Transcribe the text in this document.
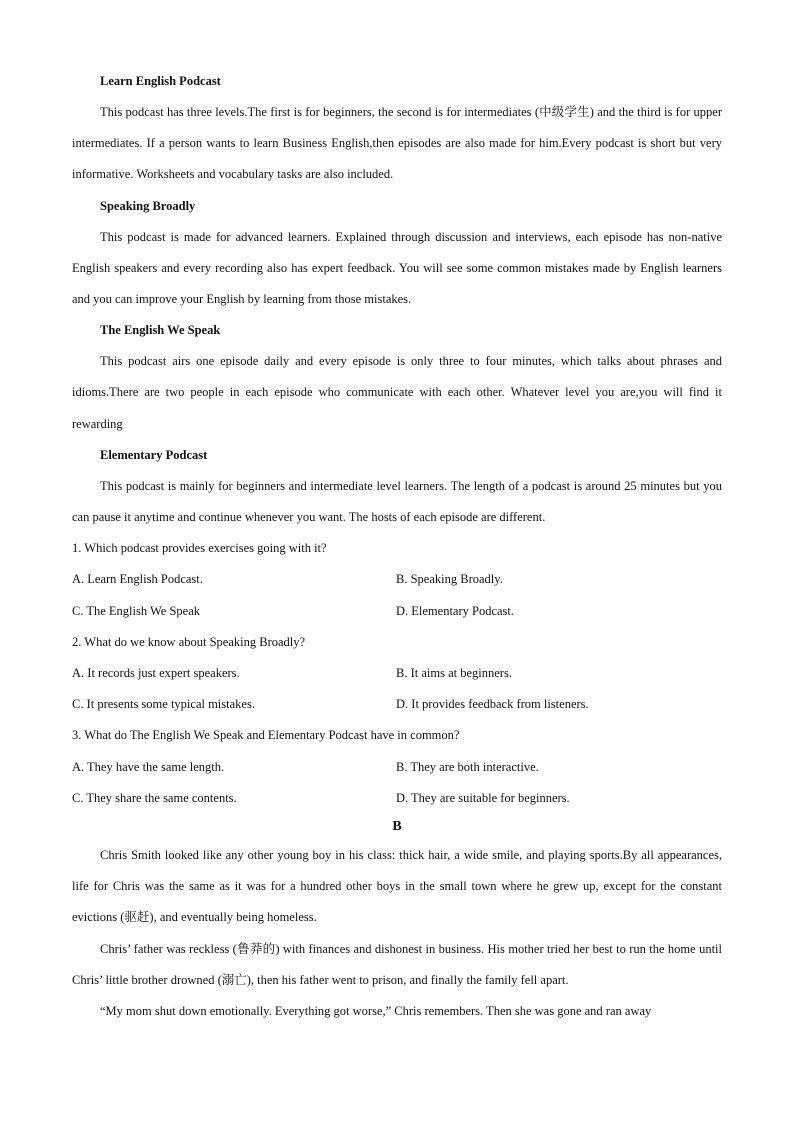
Learn English Podcast

This podcast has three levels.The first is for beginners, the second is for intermediates (中级学生) and the third is for upper intermediates. If a person wants to learn Business English,then episodes are also made for him.Every podcast is short but very informative. Worksheets and vocabulary tasks are also included.

Speaking Broadly

This podcast is made for advanced learners. Explained through discussion and interviews, each episode has non-native English speakers and every recording also has expert feedback. You will see some common mistakes made by English learners and you can improve your English by learning from those mistakes.

The English We Speak

This podcast airs one episode daily and every episode is only three to four minutes, which talks about phrases and idioms.There are two people in each episode who communicate with each other. Whatever level you are,you will find it rewarding

Elementary Podcast

This podcast is mainly for beginners and intermediate level learners. The length of a podcast is around 25 minutes but you can pause it anytime and continue whenever you want. The hosts of each episode are different.

1. Which podcast provides exercises going with it?

A. Learn English Podcast.	B. Speaking Broadly.
C. The English We Speak	D. Elementary Podcast.

2. What do we know about Speaking Broadly?

A. It records just expert speakers.	B. It aims at beginners.
C. It presents some typical mistakes.	D. It provides feedback from listeners.

3. What do The English We Speak and Elementary Podcast have in common?

A. They have the same length.	B. They are both interactive.
C. They share the same contents.	D. They are suitable for beginners.
B

Chris Smith looked like any other young boy in his class: thick hair, a wide smile, and playing sports.By all appearances, life for Chris was the same as it was for a hundred other boys in the small town where he grew up, except for the constant evictions (驱赶), and eventually being homeless.

Chris’ father was reckless (鲁莽的) with finances and dishonest in business. His mother tried her best to run the home until Chris’ little brother drowned (溺亡), then his father went to prison, and finally the family fell apart.

“My mom shut down emotionally. Everything got worse,” Chris remembers. Then she was gone and ran away
